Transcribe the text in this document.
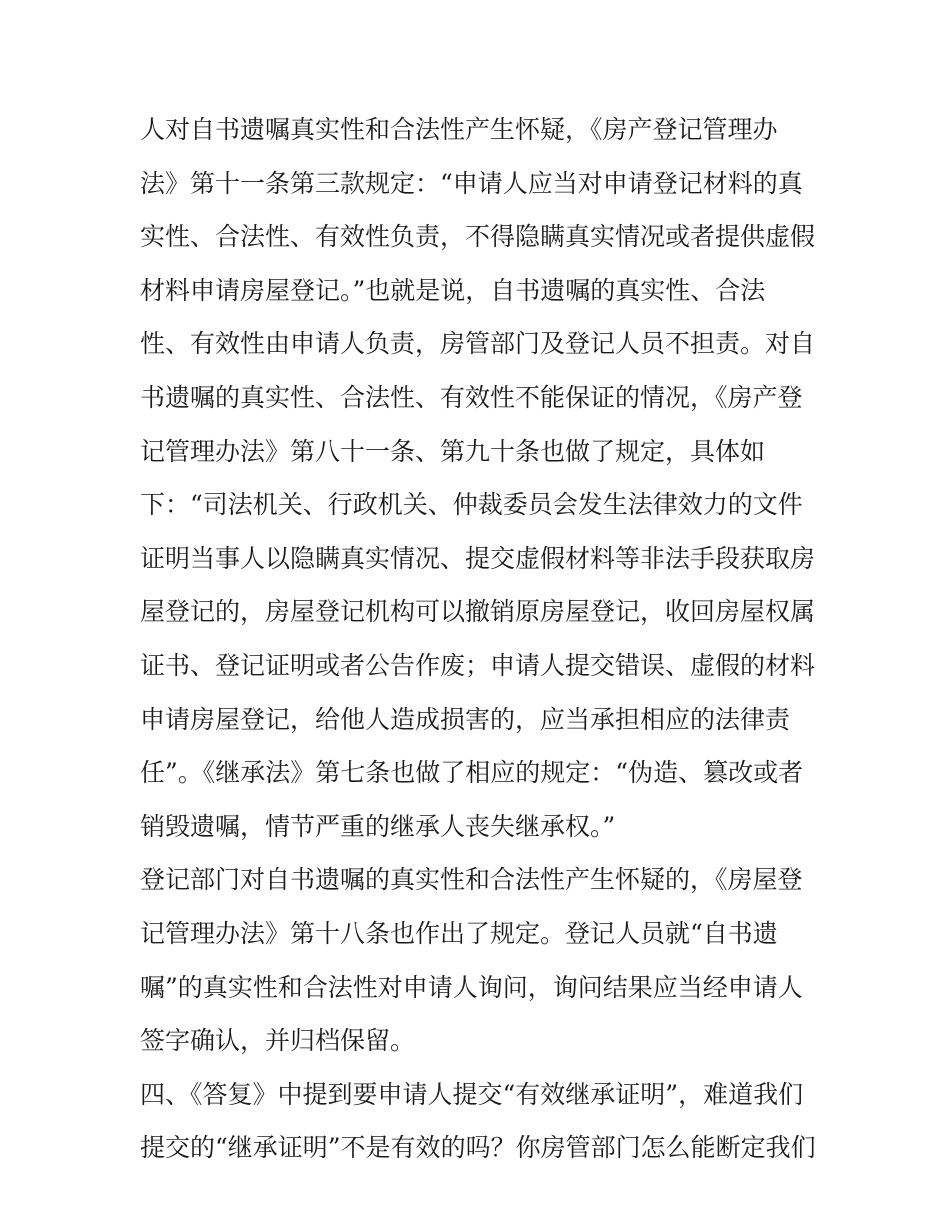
人对自书遗嘱真实性和合法性产生怀疑，《房产登记管理办
法》第十一条第三款规定：“申请人应当对申请登记材料的真
实性、合法性、有效性负责，不得隐瞒真实情况或者提供虚假
材料申请房屋登记。”也就是说，自书遗嘱的真实性、合法
性、有效性由申请人负责，房管部门及登记人员不担责。对自
书遗嘱的真实性、合法性、有效性不能保证的情况，《房产登
记管理办法》第八十一条、第九十条也做了规定，具体如
下：“司法机关、行政机关、仲裁委员会发生法律效力的文件
证明当事人以隐瞒真实情况、提交虚假材料等非法手段获取房
屋登记的，房屋登记机构可以撤销原房屋登记，收回房屋权属
证书、登记证明或者公告作废；申请人提交错误、虚假的材料
申请房屋登记，给他人造成损害的，应当承担相应的法律责
任”。《继承法》第七条也做了相应的规定：“伪造、篡改或者
销毁遗嘱，情节严重的继承人丧失继承权。”
登记部门对自书遗嘱的真实性和合法性产生怀疑的，《房屋登
记管理办法》第十八条也作出了规定。登记人员就“自书遗
嘱”的真实性和合法性对申请人询问，询问结果应当经申请人
签字确认，并归档保留。
四、《答复》中提到要申请人提交“有效继承证明”，难道我们
提交的“继承证明”不是有效的吗？你房管部门怎么能断定我们
